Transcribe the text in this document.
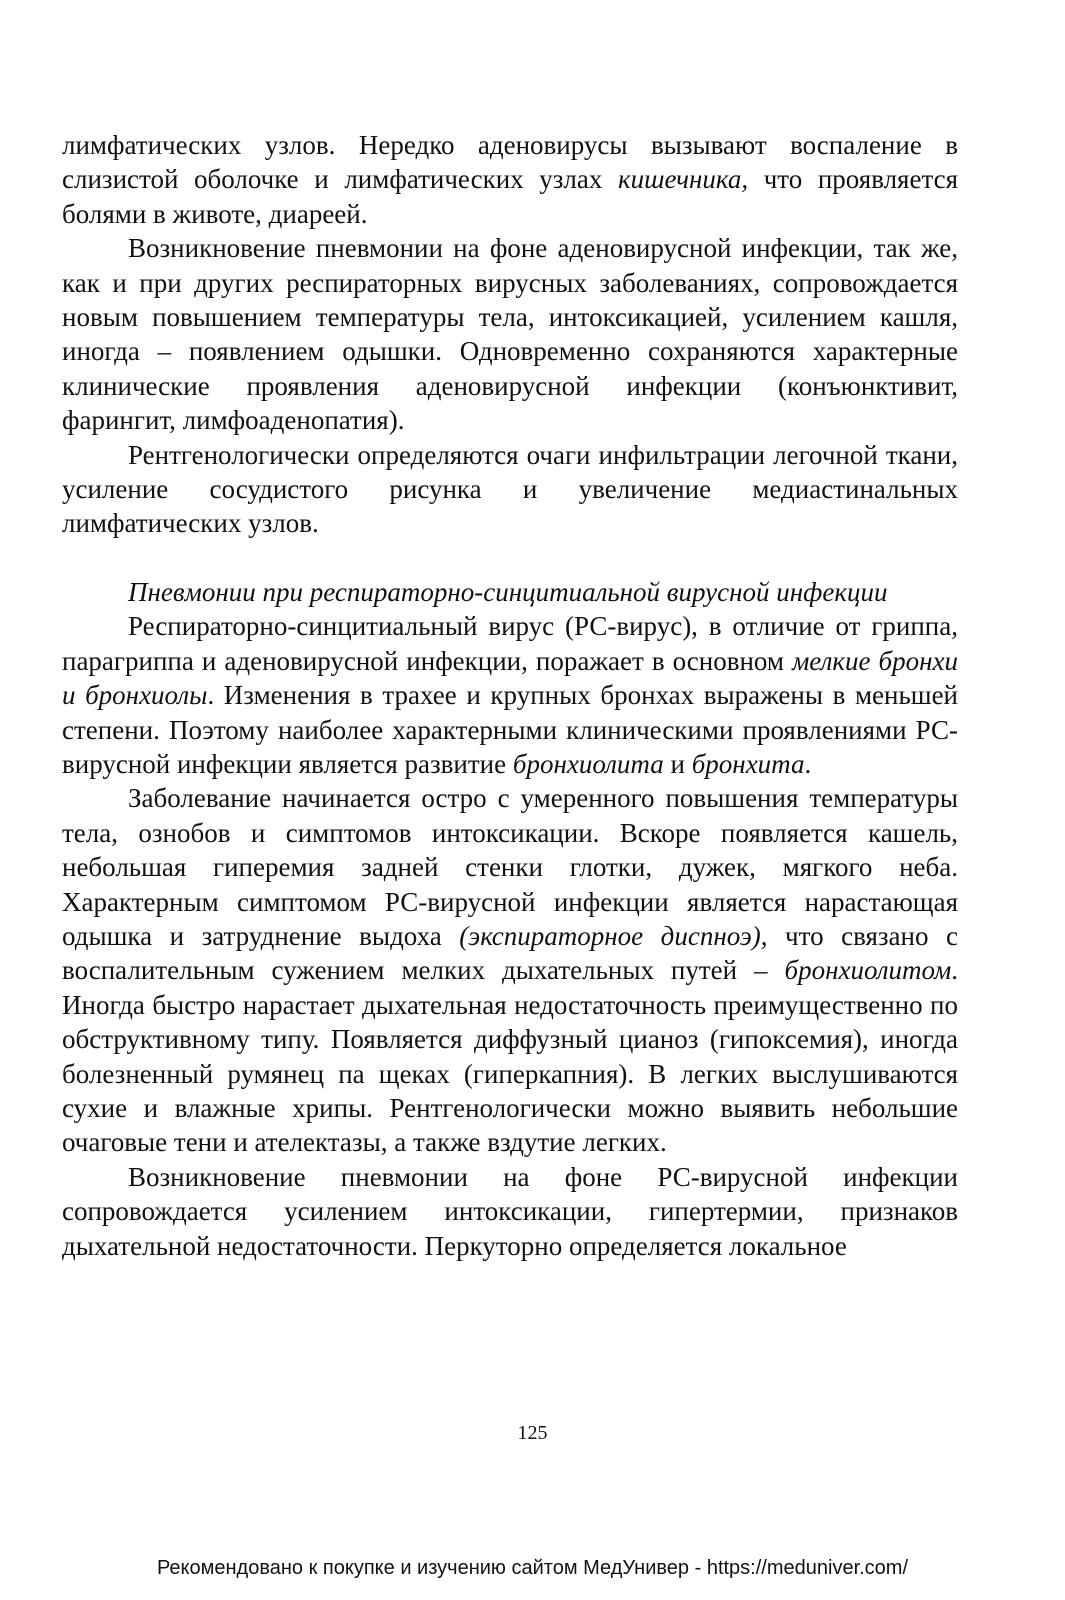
лимфатических узлов. Нередко аденовирусы вызывают воспаление в слизистой оболочке и лимфатических узлах кишечника, что проявляется болями в животе, диареей.

Возникновение пневмонии на фоне аденовирусной инфекции, так же, как и при других респираторных вирусных заболеваниях, сопровождается новым повышением температуры тела, интоксикацией, усилением кашля, иногда – появлением одышки. Одновременно сохраняются характерные клинические проявления аденовирусной инфекции (конъюнктивит, фарингит, лимфоаденопатия).

Рентгенологически определяются очаги инфильтрации легочной ткани, усиление сосудистого рисунка и увеличение медиастинальных лимфатических узлов.

Пневмонии при респираторно-синцитиальной вирусной инфекции

Респираторно-синцитиальный вирус (РС-вирус), в отличие от гриппа, парагриппа и аденовирусной инфекции, поражает в основном мелкие бронхи и бронхиолы. Изменения в трахее и крупных бронхах выражены в меньшей степени. Поэтому наиболее характерными клиническими проявлениями РС-вирусной инфекции является развитие бронхиолита и бронхита.

Заболевание начинается остро с умеренного повышения температуры тела, ознобов и симптомов интоксикации. Вскоре появляется кашель, небольшая гиперемия задней стенки глотки, дужек, мягкого неба. Характерным симптомом РС-вирусной инфекции является нарастающая одышка и затруднение выдоха (экспираторное диспноэ), что связано с воспалительным сужением мелких дыхательных путей – бронхиолитом. Иногда быстро нарастает дыхательная недостаточность преимущественно по обструктивному типу. Появляется диффузный цианоз (гипоксемия), иногда болезненный румянец па щеках (гиперкапния). В легких выслушиваются сухие и влажные хрипы. Рентгенологически можно выявить небольшие очаговые тени и ателектазы, а также вздутие легких.

Возникновение пневмонии на фоне РС-вирусной инфекции сопровождается усилением интоксикации, гипертермии, признаков дыхательной недостаточности. Перкуторно определяется локальное

125
Рекомендовано к покупке и изучению сайтом МедУнивер - https://meduniver.com/
